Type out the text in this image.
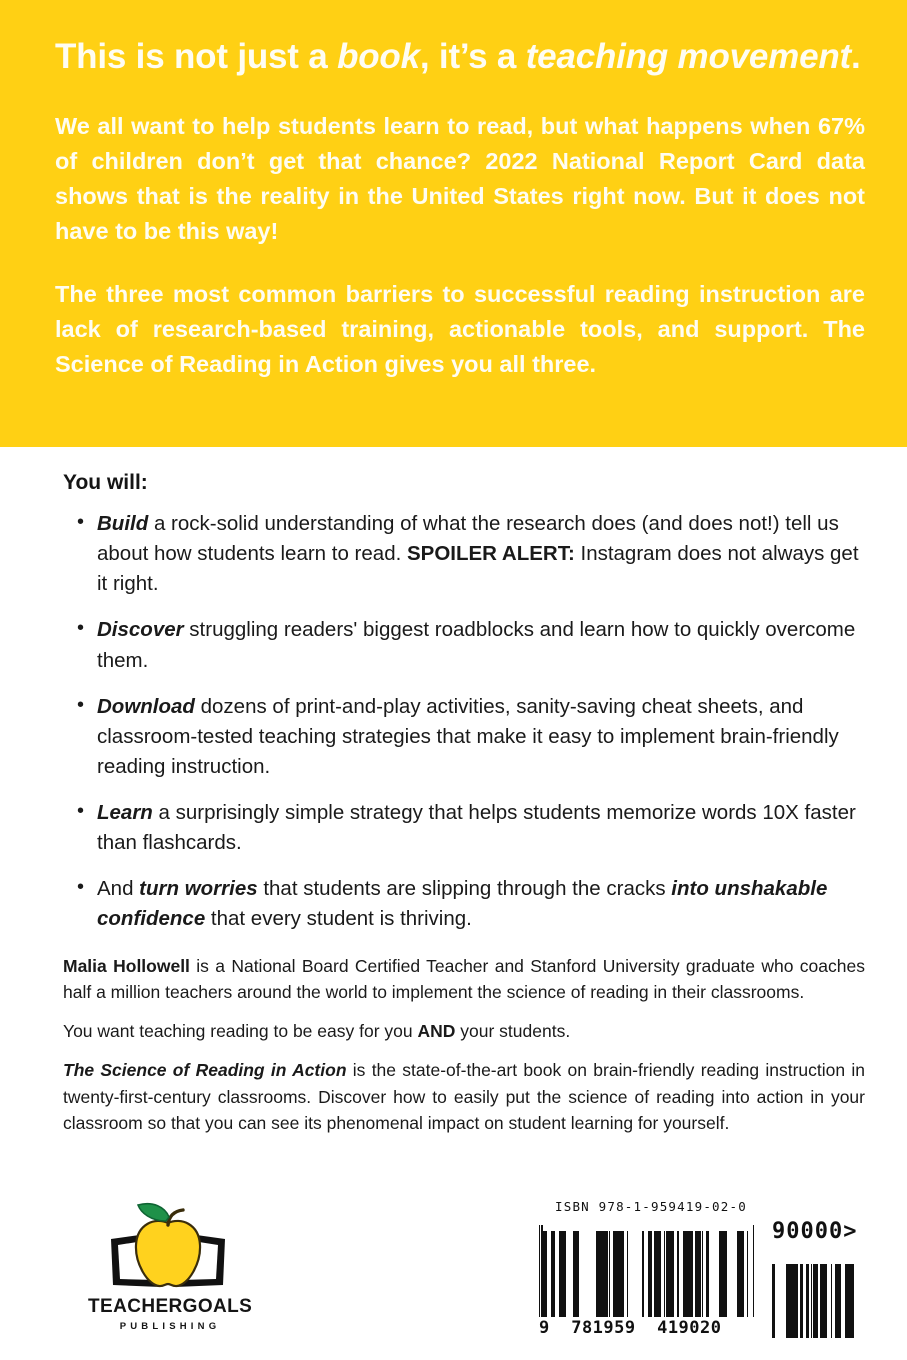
This is not just a book, it’s a teaching movement.

We all want to help students learn to read, but what happens when 67% of children don’t get that chance? 2022 National Report Card data shows that is the reality in the United States right now. But it does not have to be this way!

The three most common barriers to successful reading instruction are lack of research-based training, actionable tools, and support. The Science of Reading in Action gives you all three.

You will:
• Build a rock-solid understanding of what the research does (and does not!) tell us about how students learn to read. SPOILER ALERT: Instagram does not always get it right.
• Discover struggling readers' biggest roadblocks and learn how to quickly overcome them.
• Download dozens of print-and-play activities, sanity-saving cheat sheets, and classroom-tested teaching strategies that make it easy to implement brain-friendly reading instruction.
• Learn a surprisingly simple strategy that helps students memorize words 10X faster than flashcards.
• And turn worries that students are slipping through the cracks into unshakable confidence that every student is thriving.

Malia Hollowell is a National Board Certified Teacher and Stanford University graduate who coaches half a million teachers around the world to implement the science of reading in their classrooms.

You want teaching reading to be easy for you AND your students.

The Science of Reading in Action is the state-of-the-art book on brain-friendly reading instruction in twenty-first-century classrooms. Discover how to easily put the science of reading into action in your classroom so that you can see its phenomenal impact on student learning for yourself.

TEACHERGOALS
PUBLISHING
ISBN 978-1-959419-02-0
9  781959  419020
90000>
